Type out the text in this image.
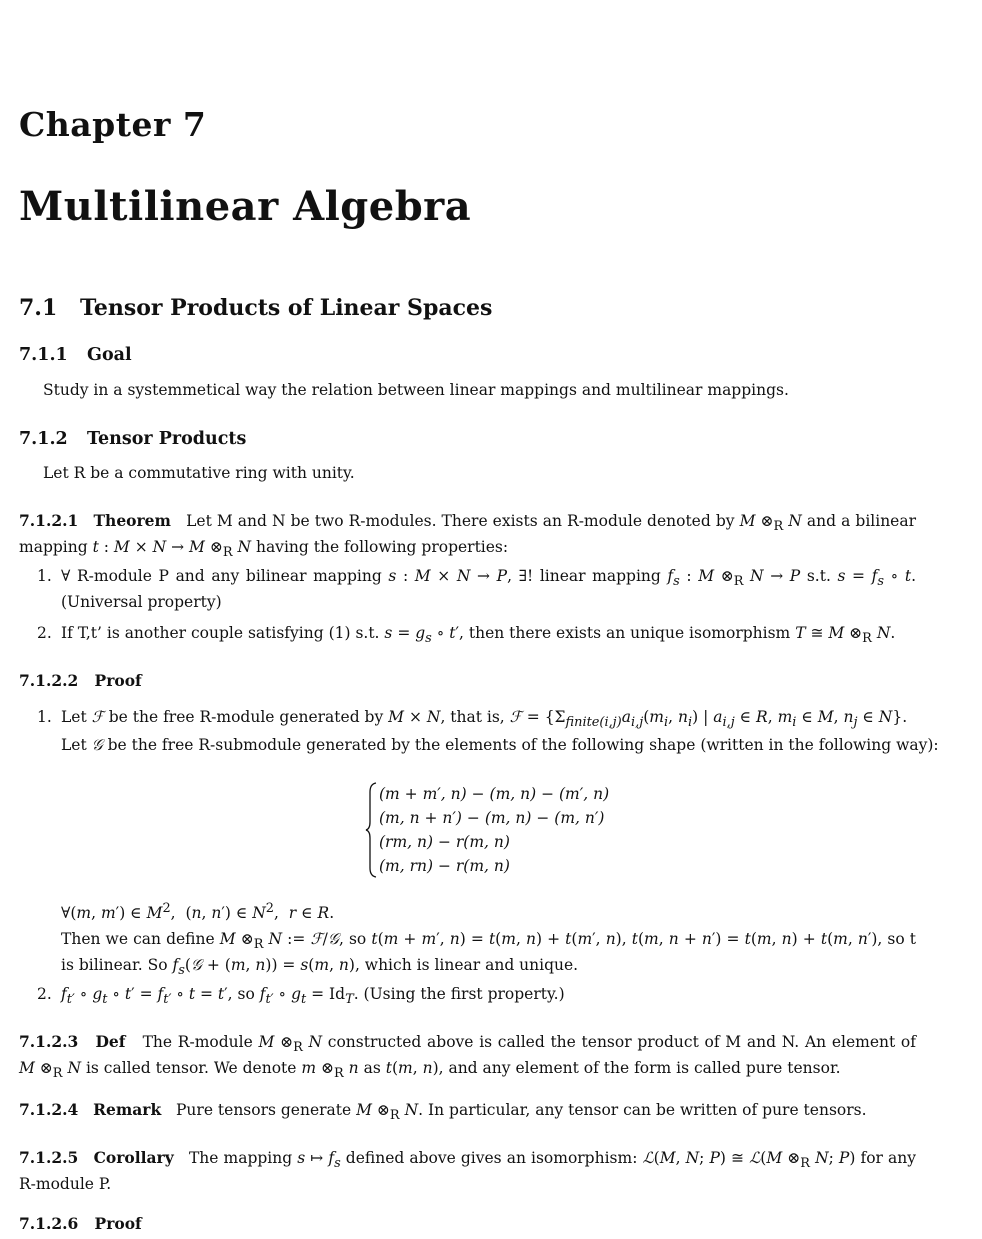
Chapter 7
Multilinear Algebra
7.1 Tensor Products of Linear Spaces
7.1.1 Goal
Study in a systemmetical way the relation between linear mappings and multilinear mappings.
7.1.2 Tensor Products
Let R be a commutative ring with unity.
7.1.2.1 Theorem   Let M and N be two R-modules. There exists an R-module denoted by M $\otimes_R$ N and a bilinear mapping t : M × N → M $\otimes_R$ N having the following properties:
1. ∀ R-module P and any bilinear mapping s : M × N → P, ∃! linear mapping $f_s$ : M $\otimes_R$ N → P s.t. $s = f_s$ ∘ t. (Universal property)
2. If T,t’ is another couple satisfying (1) s.t. $s = g_s$ ∘ t′, then there exists an unique isomorphism T ≅ M $\otimes_R$ N.
7.1.2.2 Proof
1. Let ℱ be the free R-module generated by M × N, that is, ℱ = {$\Sigma_{finite(i,j)}a_{i,j}(m_i$, $n_i$) | $a_{i,j}$ ∈ R, $m_i$ ∈ M, $n_j$ ∈ N}.
Let 𝒢 be the free R-submodule generated by the elements of the following shape (written in the following way):
(m + m′, n) − (m, n) − (m′, n)
(m, n + n′) − (m, n) − (m, n′)
(rm, n) − r(m, n)
(m, rn) − r(m, n)
∀(m, m′) ∈ $M^2$,  (n, n′) ∈ $N^2$,  r ∈ R.
Then we can define M $\otimes_R$ N := ℱ/𝒢, so t(m + m′, n) = t(m, n) + t(m′, n), t(m, n + n′) = t(m, n) + t(m, n′), so t is bilinear. So $f_s(𝒢 + (m$, n)) = s(m, n), which is linear and unique.
2. $f_{t'}$ ∘ $g_t$ ∘ $t' = f_{t'}$ ∘ t = t′, so $f_{t'}$ ∘ $g_t = Id_T$. (Using the first property.)
7.1.2.3 Def   The R-module M $\otimes_R$ N constructed above is called the tensor product of M and N. An element of M $\otimes_R$ N is called tensor. We denote m $\otimes_R$ n as t(m, n), and any element of the form is called pure tensor.
7.1.2.4 Remark   Pure tensors generate M $\otimes_R$ N. In particular, any tensor can be written of pure tensors.
7.1.2.5 Corollary   The mapping s ↦ $f_s$ defined above gives an isomorphism: ℒ(M, N; P) ≅ ℒ(M $\otimes_R$ N; P) for any R-module P.
7.1.2.6 Proof
